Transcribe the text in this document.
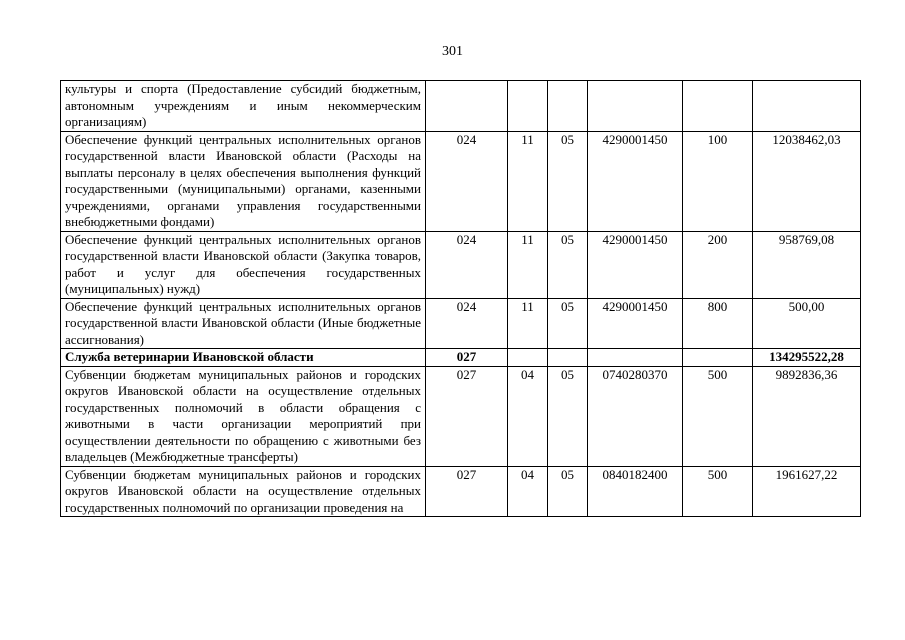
301
культуры и спорта (Предоставление субсидий бюджетным, автономным учреждениям и иным некоммерческим организациям)						
Обеспечение функций центральных исполнительных органов государственной власти Ивановской области (Расходы на выплаты персоналу в целях обеспечения выполнения функций государственными (муниципальными) органами, казенными учреждениями, органами управления государственными внебюджетными фондами)	024	11	05	4290001450	100	12038462,03
Обеспечение функций центральных исполнительных органов государственной власти Ивановской области (Закупка товаров, работ и услуг для обеспечения государственных (муниципальных) нужд)	024	11	05	4290001450	200	958769,08
Обеспечение функций центральных исполнительных органов государственной власти Ивановской области (Иные бюджетные ассигнования)	024	11	05	4290001450	800	500,00
Служба ветеринарии Ивановской области	027					134295522,28
Субвенции бюджетам муниципальных районов и городских округов Ивановской области на осуществление отдельных государственных полномочий в области обращения с животными в части организации мероприятий при осуществлении деятельности по обращению с животными без владельцев (Межбюджетные трансферты)	027	04	05	0740280370	500	9892836,36
Субвенции бюджетам муниципальных районов и городских округов Ивановской области на осуществление отдельных государственных полномочий по организации проведения на	027	04	05	0840182400	500	1961627,22
